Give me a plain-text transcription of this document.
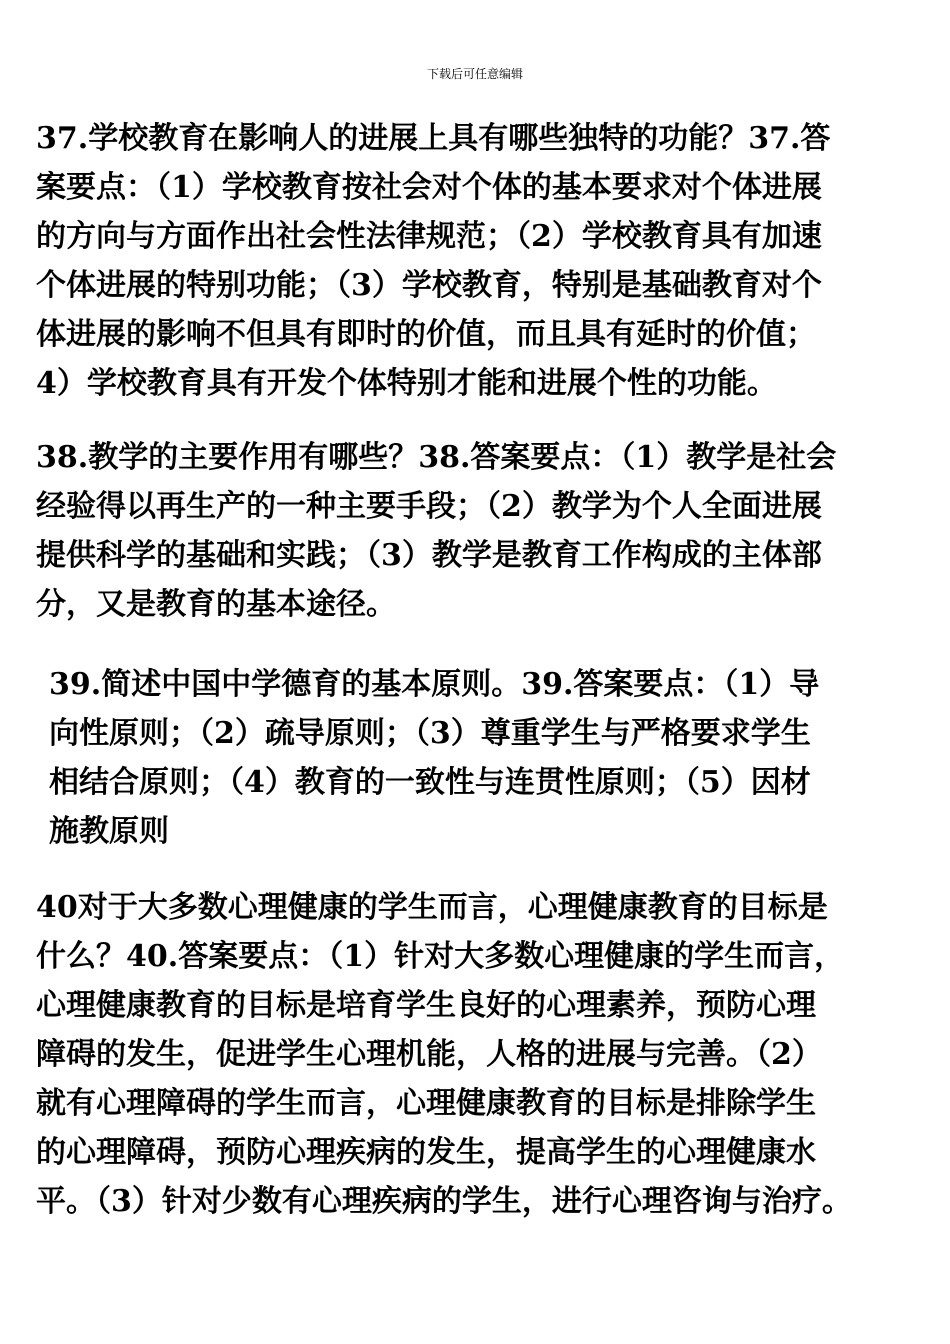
下载后可任意编辑
37.学校教育在影响人的进展上具有哪些独特的功能？37.答
案要点：（1）学校教育按社会对个体的基本要求对个体进展
的方向与方面作出社会性法律规范；（2）学校教育具有加速
个体进展的特别功能；（3）学校教育，特别是基础教育对个
体进展的影响不但具有即时的价值，而且具有延时的价值；
4）学校教育具有开发个体特别才能和进展个性的功能。
38.教学的主要作用有哪些？38.答案要点：（1）教学是社会
经验得以再生产的一种主要手段；（2）教学为个人全面进展
提供科学的基础和实践；（3）教学是教育工作构成的主体部
分，又是教育的基本途径。
39.简述中国中学德育的基本原则。39.答案要点：（1）导
向性原则；（2）疏导原则；（3）尊重学生与严格要求学生
相结合原则；（4）教育的一致性与连贯性原则；（5）因材
施教原则
40对于大多数心理健康的学生而言，心理健康教育的目标是
什么？40.答案要点：（1）针对大多数心理健康的学生而言，
心理健康教育的目标是培育学生良好的心理素养，预防心理
障碍的发生，促进学生心理机能，人格的进展与完善。（2）
就有心理障碍的学生而言，心理健康教育的目标是排除学生
的心理障碍，预防心理疾病的发生，提高学生的心理健康水
平。（3）针对少数有心理疾病的学生，进行心理咨询与治疗。
